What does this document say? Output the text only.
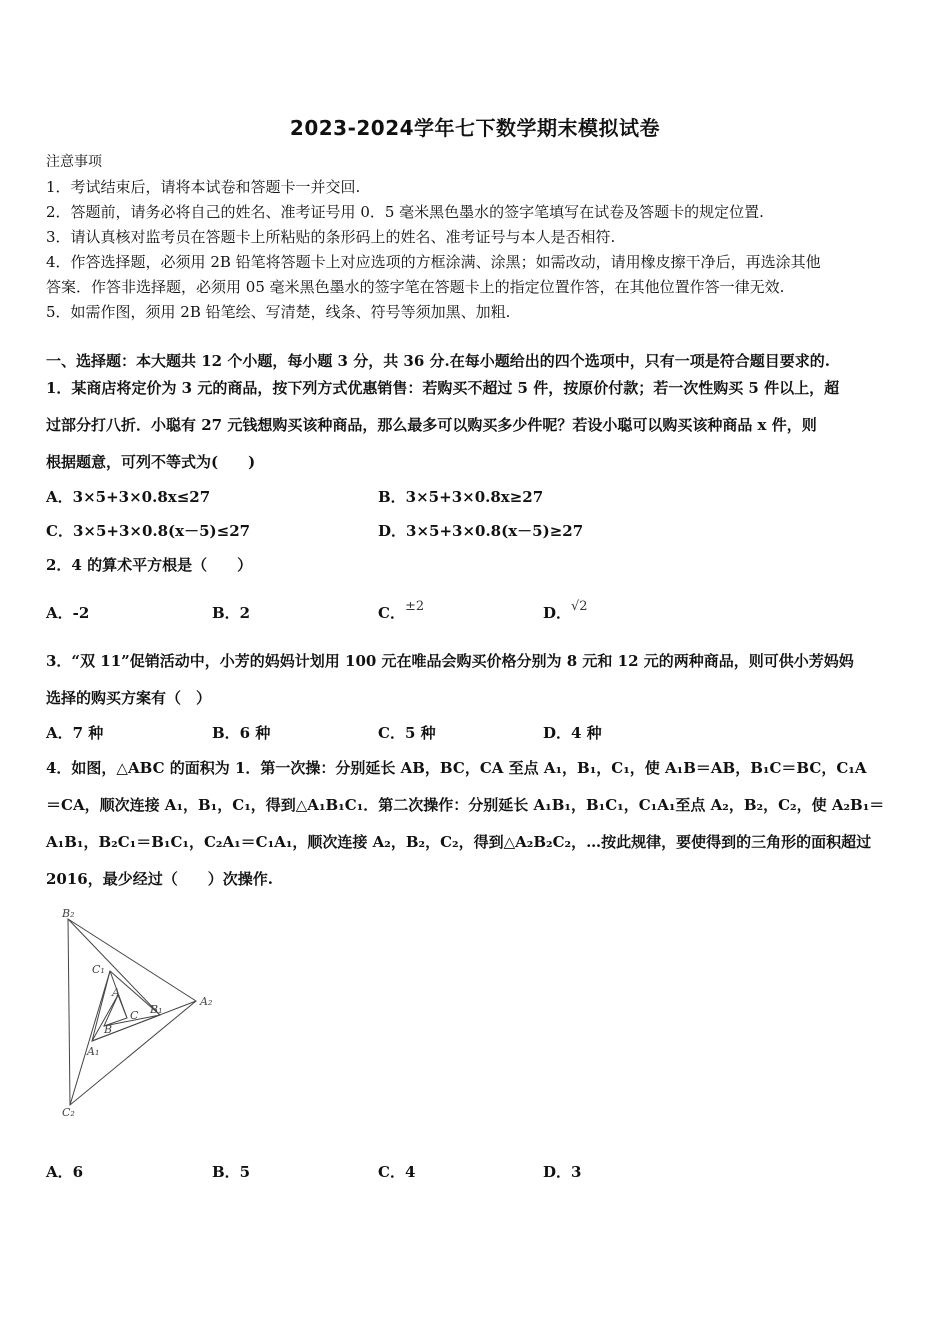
2023-2024学年七下数学期末模拟试卷
注意事项
1．考试结束后，请将本试卷和答题卡一并交回.
2．答题前，请务必将自己的姓名、准考证号用 0．5 毫米黑色墨水的签字笔填写在试卷及答题卡的规定位置.
3．请认真核对监考员在答题卡上所粘贴的条形码上的姓名、准考证号与本人是否相符.
4．作答选择题，必须用 2B 铅笔将答题卡上对应选项的方框涂满、涂黑；如需改动，请用橡皮擦干净后，再选涂其他
答案．作答非选择题，必须用 05 毫米黑色墨水的签字笔在答题卡上的指定位置作答，在其他位置作答一律无效.
5．如需作图，须用 2B 铅笔绘、写清楚，线条、符号等须加黑、加粗.
一、选择题：本大题共 12 个小题，每小题 3 分，共 36 分.在每小题给出的四个选项中，只有一项是符合题目要求的.
1．某商店将定价为 3 元的商品，按下列方式优惠销售：若购买不超过 5 件，按原价付款；若一次性购买 5 件以上，超
过部分打八折．小聪有 27 元钱想购买该种商品，那么最多可以购买多少件呢？若设小聪可以购买该种商品 x 件，则
根据题意，可列不等式为(　　)
A．3×5+3×0.8x≤27	B．3×5+3×0.8x≥27
C．3×5+3×0.8(x－5)≤27	D．3×5+3×0.8(x－5)≥27
2．4 的算术平方根是（　　）
A．-2	B．2	C．±2	D．√2
3．“双 11”促销活动中，小芳的妈妈计划用 100 元在唯品会购买价格分别为 8 元和 12 元的两种商品，则可供小芳妈妈
选择的购买方案有（　）
A．7 种	B．6 种	C．5 种	D．4 种
4．如图，△ABC 的面积为 1．第一次操：分别延长 AB，BC，CA 至点 A₁，B₁，C₁，使 A₁B＝AB，B₁C＝BC，C₁A
＝CA，顺次连接 A₁，B₁，C₁，得到△A₁B₁C₁．第二次操作：分别延长 A₁B₁，B₁C₁，C₁A₁至点 A₂，B₂，C₂，使 A₂B₁＝
A₁B₁，B₂C₁＝B₁C₁，C₂A₁＝C₁A₁，顺次连接 A₂，B₂，C₂，得到△A₂B₂C₂，…按此规律，要使得到的三角形的面积超过
2016，最少经过（　　）次操作.
B₂
C₁
A
C B₁
A₂
B
A₁
C₂
A．6	B．5	C．4	D．3
